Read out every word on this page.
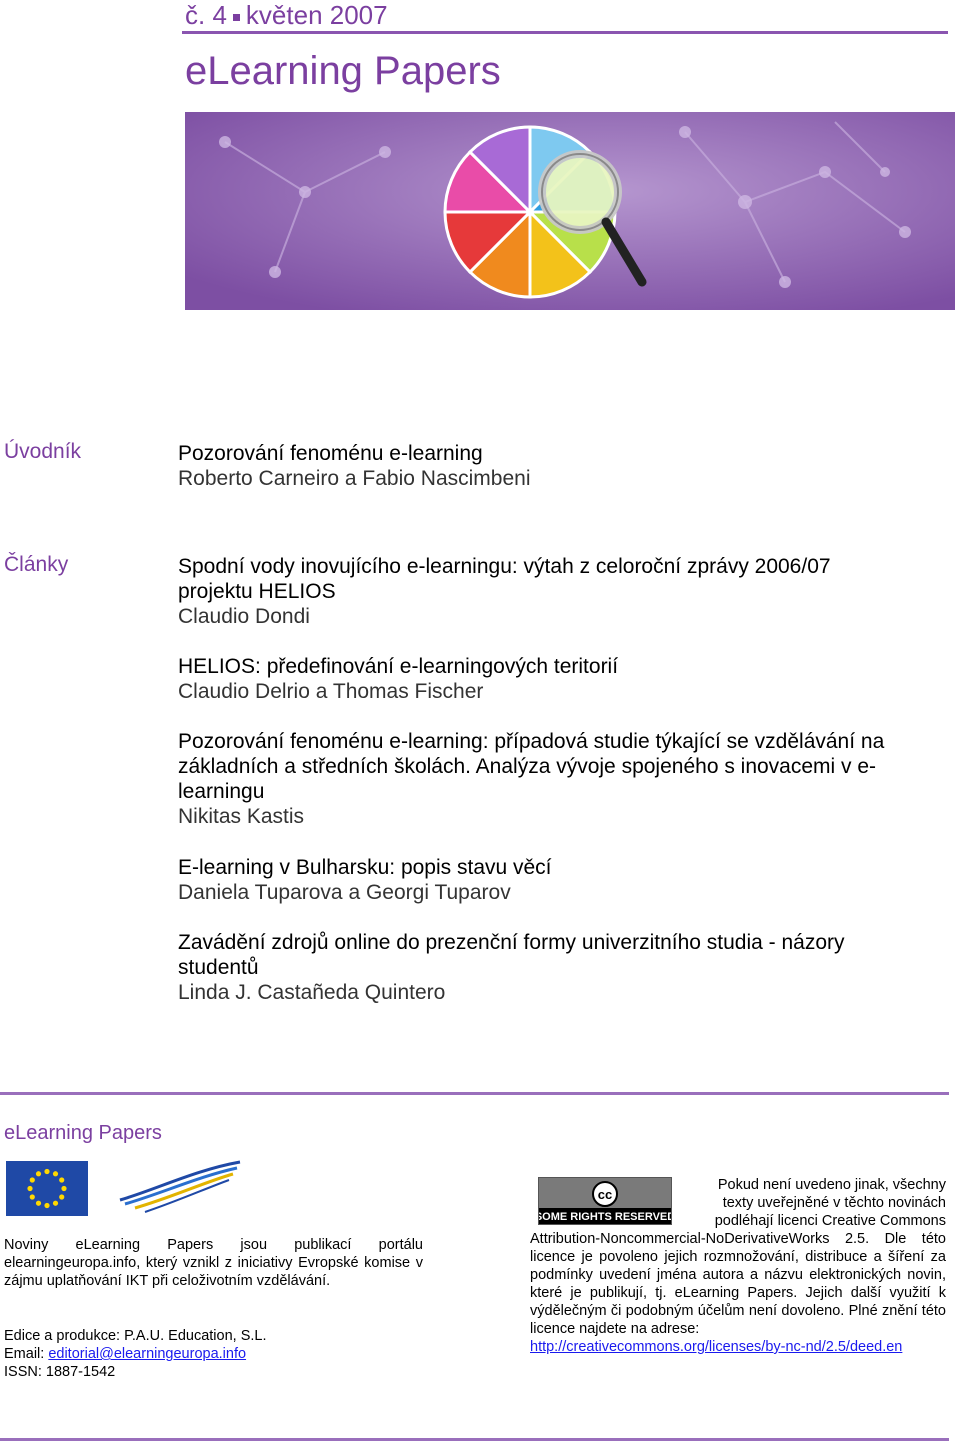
č. 4 květen 2007
eLearning Papers
Úvodník	Pozorování fenoménu e-learning
Roberto Carneiro a Fabio Nascimbeni
Články	Spodní vody inovujícího e-learningu: výtah z celoroční zprávy 2006/07
projektu HELIOS
Claudio Dondi
HELIOS: předefinování e-learningových teritorií
Claudio Delrio a Thomas Fischer
Pozorování fenoménu e-learning: případová studie týkající se vzdělávání na
základních a středních školách. Analýza vývoje spojeného s inovacemi v e-
learningu
Nikitas Kastis
E-learning v Bulharsku: popis stavu věcí
Daniela Tuparova a Georgi Tuparov
Zavádění zdrojů online do prezenční formy univerzitního studia - názory
studentů
Linda J. Castañeda Quintero
eLearning Papers
Noviny eLearning Papers jsou publikací portálu elearningeuropa.info, který vznikl z iniciativy Evropské komise v zájmu uplatňování IKT při celoživotním vzdělávání.
Edice a produkce: P.A.U. Education, S.L.
Email: editorial@elearningeuropa.info
ISSN: 1887-1542
cc
SOME RIGHTS RESERVED
Pokud není uvedeno jinak, všechny
texty uveřejněné v těchto novinách
podléhají licenci Creative Commons
Attribution-Noncommercial-NoDerivativeWorks 2.5. Dle této licence je povoleno jejich rozmnožování, distribuce a šíření za podmínky uvedení jména autora a názvu elektronických novin, které je publikují, tj. eLearning Papers. Jejich další využití k výdělečným či podobným účelům není dovoleno. Plné znění této licence najdete na adrese:
http://creativecommons.org/licenses/by-nc-nd/2.5/deed.en
